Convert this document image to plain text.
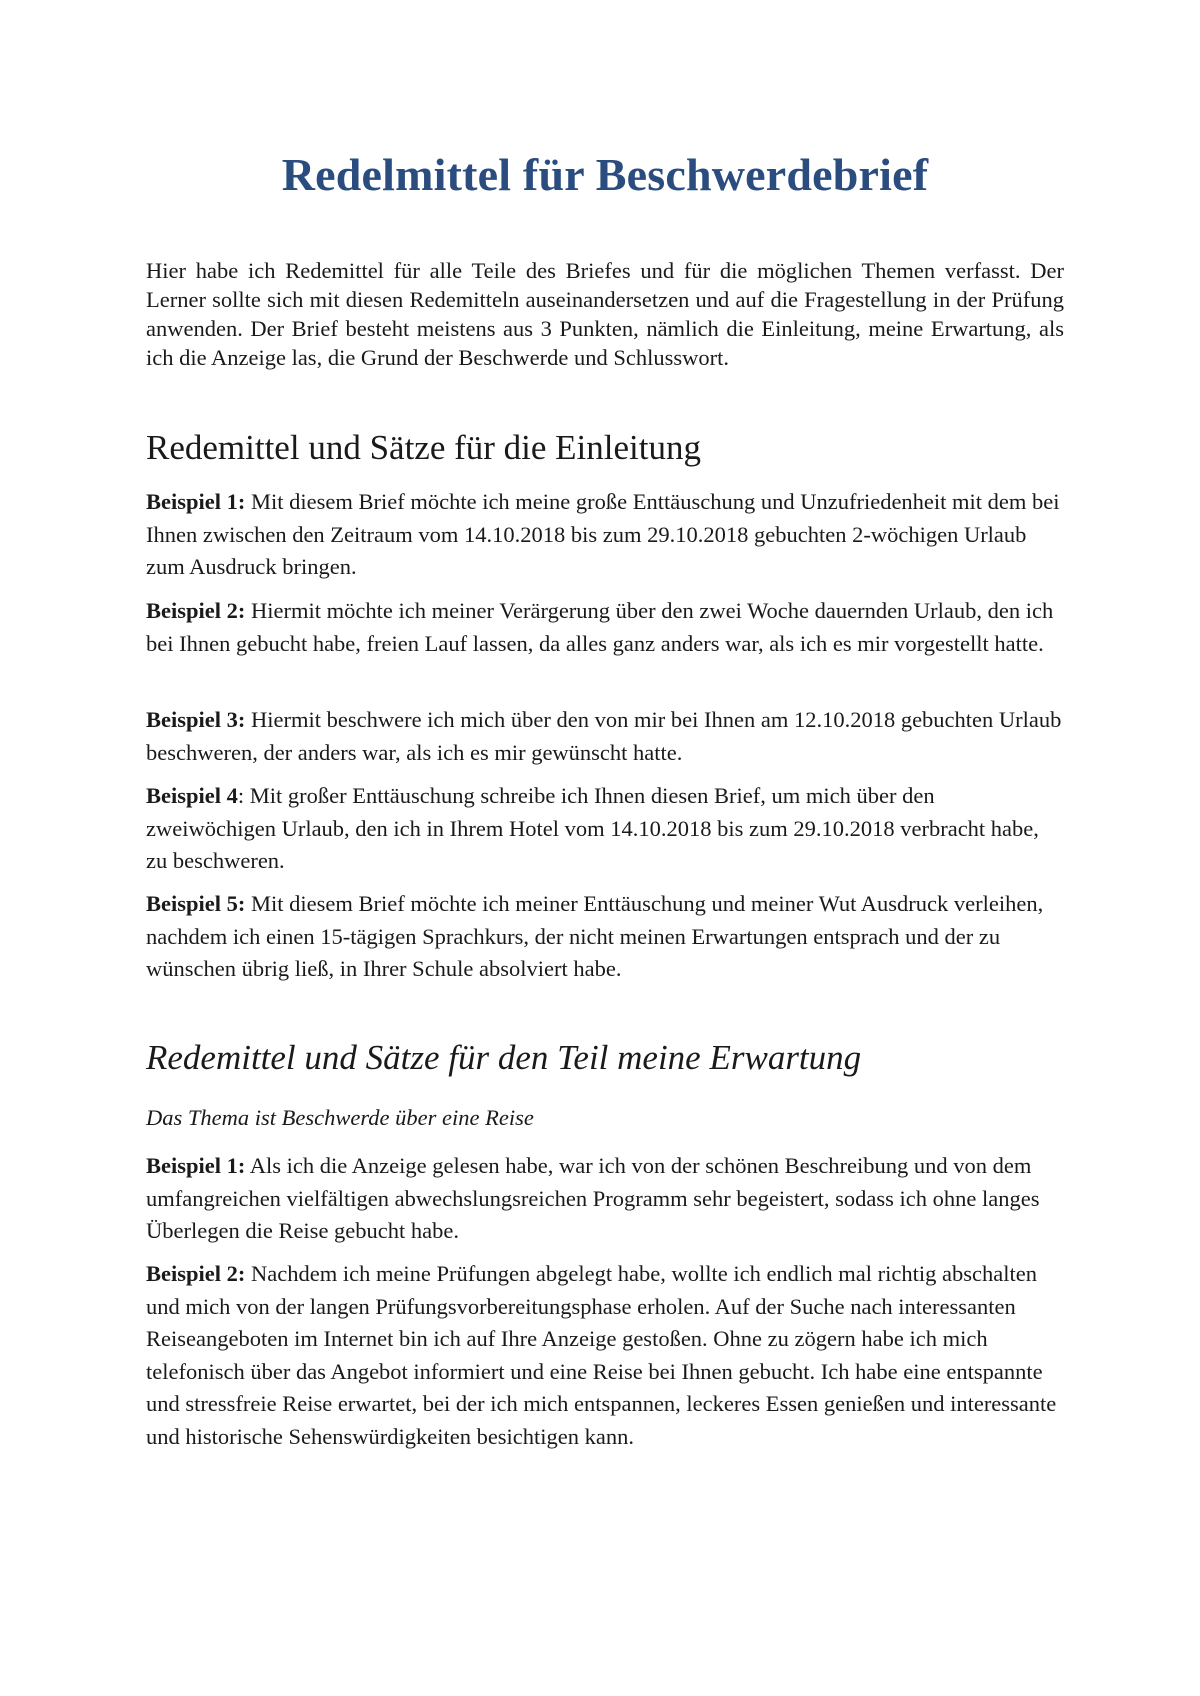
Redelmittel für Beschwerdebrief

Hier habe ich Redemittel für alle Teile des Briefes und für die möglichen Themen verfasst. Der Lerner sollte sich mit diesen Redemitteln auseinandersetzen und auf die Fragestellung in der Prüfung anwenden. Der Brief besteht meistens aus 3 Punkten, nämlich die Einleitung, meine Erwartung, als ich die Anzeige las, die Grund der Beschwerde und Schlusswort.

Redemittel und Sätze für die Einleitung

Beispiel 1: Mit diesem Brief möchte ich meine große Enttäuschung und Unzufriedenheit mit dem bei Ihnen zwischen den Zeitraum vom 14.10.2018 bis zum 29.10.2018 gebuchten 2-wöchigen Urlaub zum Ausdruck bringen.

Beispiel 2: Hiermit möchte ich meiner Verärgerung über den zwei Woche dauernden Urlaub, den ich bei Ihnen gebucht habe, freien Lauf lassen, da alles ganz anders war, als ich es mir vorgestellt hatte.

Beispiel 3: Hiermit beschwere ich mich über den von mir bei Ihnen am 12.10.2018 gebuchten Urlaub beschweren, der anders war, als ich es mir gewünscht hatte.

Beispiel 4: Mit großer Enttäuschung schreibe ich Ihnen diesen Brief, um mich über den zweiwöchigen Urlaub, den ich in Ihrem Hotel vom 14.10.2018 bis zum 29.10.2018 verbracht habe, zu beschweren.

Beispiel 5: Mit diesem Brief möchte ich meiner Enttäuschung und meiner Wut Ausdruck verleihen, nachdem ich einen 15-tägigen Sprachkurs, der nicht meinen Erwartungen entsprach und der zu wünschen übrig ließ, in Ihrer Schule absolviert habe.

Redemittel und Sätze für den Teil meine Erwartung

Das Thema ist Beschwerde über eine Reise

Beispiel 1: Als ich die Anzeige gelesen habe, war ich von der schönen Beschreibung und von dem umfangreichen vielfältigen abwechslungsreichen Programm sehr begeistert, sodass ich ohne langes Überlegen die Reise gebucht habe.

Beispiel 2: Nachdem ich meine Prüfungen abgelegt habe, wollte ich endlich mal richtig abschalten und mich von der langen Prüfungsvorbereitungsphase erholen. Auf der Suche nach interessanten Reiseangeboten im Internet bin ich auf Ihre Anzeige gestoßen. Ohne zu zögern habe ich mich telefonisch über das Angebot informiert und eine Reise bei Ihnen gebucht. Ich habe eine entspannte und stressfreie Reise erwartet, bei der ich mich entspannen, leckeres Essen genießen und interessante und historische Sehenswürdigkeiten besichtigen kann.
